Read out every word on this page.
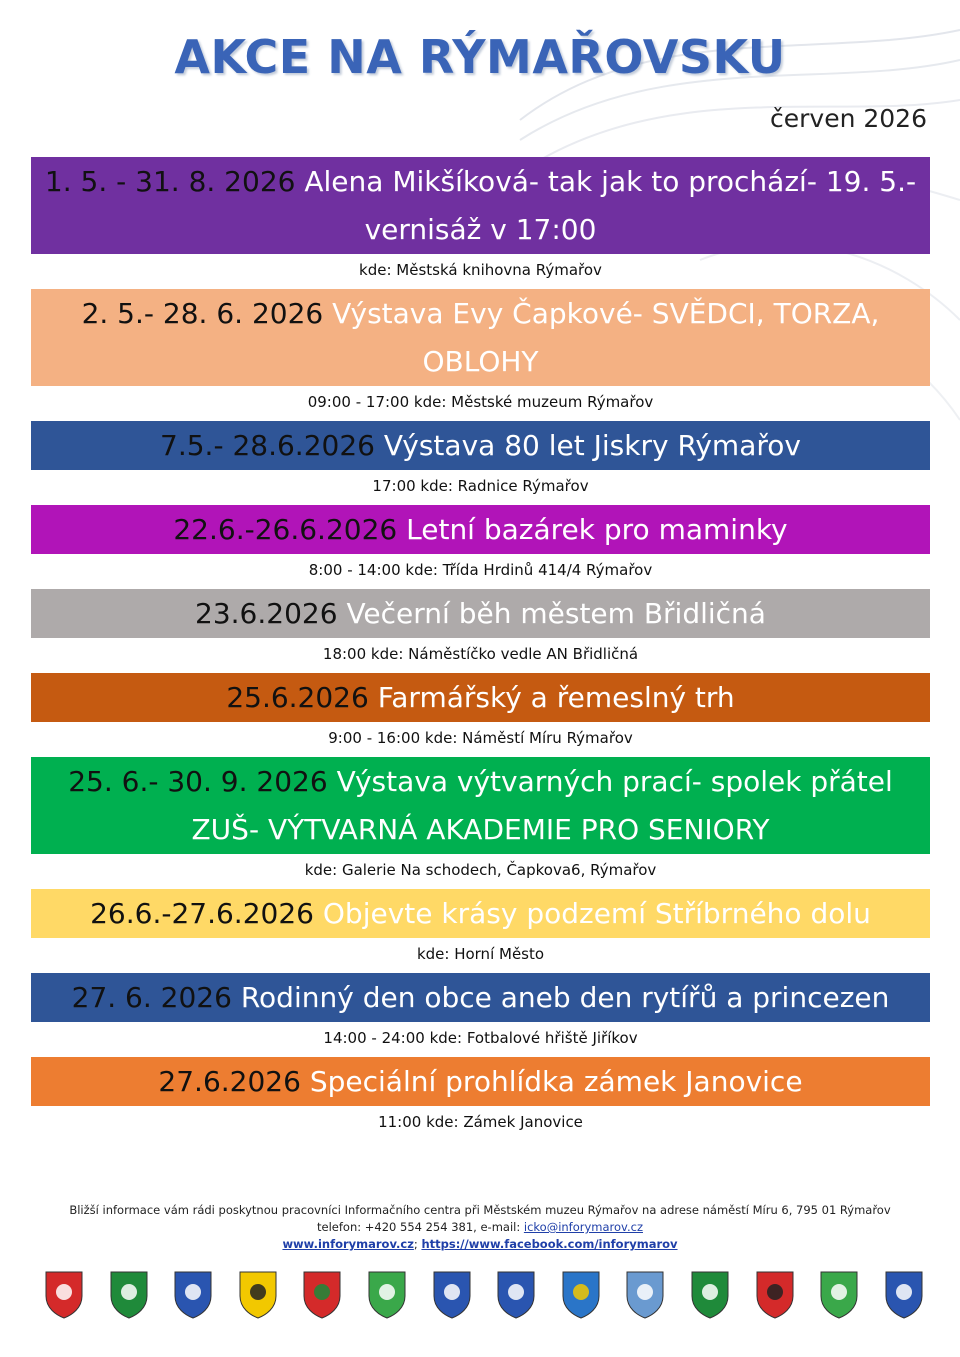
AKCE NA RÝMAŘOVSKU
červen 2026
1. 5. - 31. 8. 2026 Alena Mikšíková- tak jak to prochází- 19. 5.- vernisáž v 17:00
kde: Městská knihovna Rýmařov
2. 5.- 28. 6. 2026 Výstava Evy Čapkové- SVĚDCI, TORZA, OBLOHY
09:00 - 17:00 kde: Městské muzeum Rýmařov
7.5.- 28.6.2026 Výstava 80 let Jiskry Rýmařov
17:00 kde: Radnice Rýmařov
22.6.-26.6.2026 Letní bazárek pro maminky
8:00 - 14:00 kde: Třída Hrdinů 414/4 Rýmařov
23.6.2026 Večerní běh městem Břidličná
18:00 kde: Náměstíčko vedle AN Břidličná
25.6.2026 Farmářský a řemeslný trh
9:00 - 16:00 kde: Náměstí Míru Rýmařov
25. 6.- 30. 9. 2026 Výstava výtvarných prací- spolek přátel ZUŠ- VÝTVARNÁ AKADEMIE PRO SENIORY
kde: Galerie Na schodech, Čapkova6, Rýmařov
26.6.-27.6.2026 Objevte krásy podzemí Stříbrného dolu
kde: Horní Město
27. 6. 2026 Rodinný den obce aneb den rytířů a princezen
14:00 - 24:00 kde: Fotbalové hřiště Jiříkov
27.6.2026 Speciální prohlídka zámek Janovice
11:00 kde: Zámek Janovice
Bližší informace vám rádi poskytnou pracovníci Informačního centra při Městském muzeu Rýmařov na adrese náměstí Míru 6, 795 01 Rýmařov
telefon: +420 554 254 381, e-mail: icko@inforymarov.cz
www.inforymarov.cz; https://www.facebook.com/inforymarov
